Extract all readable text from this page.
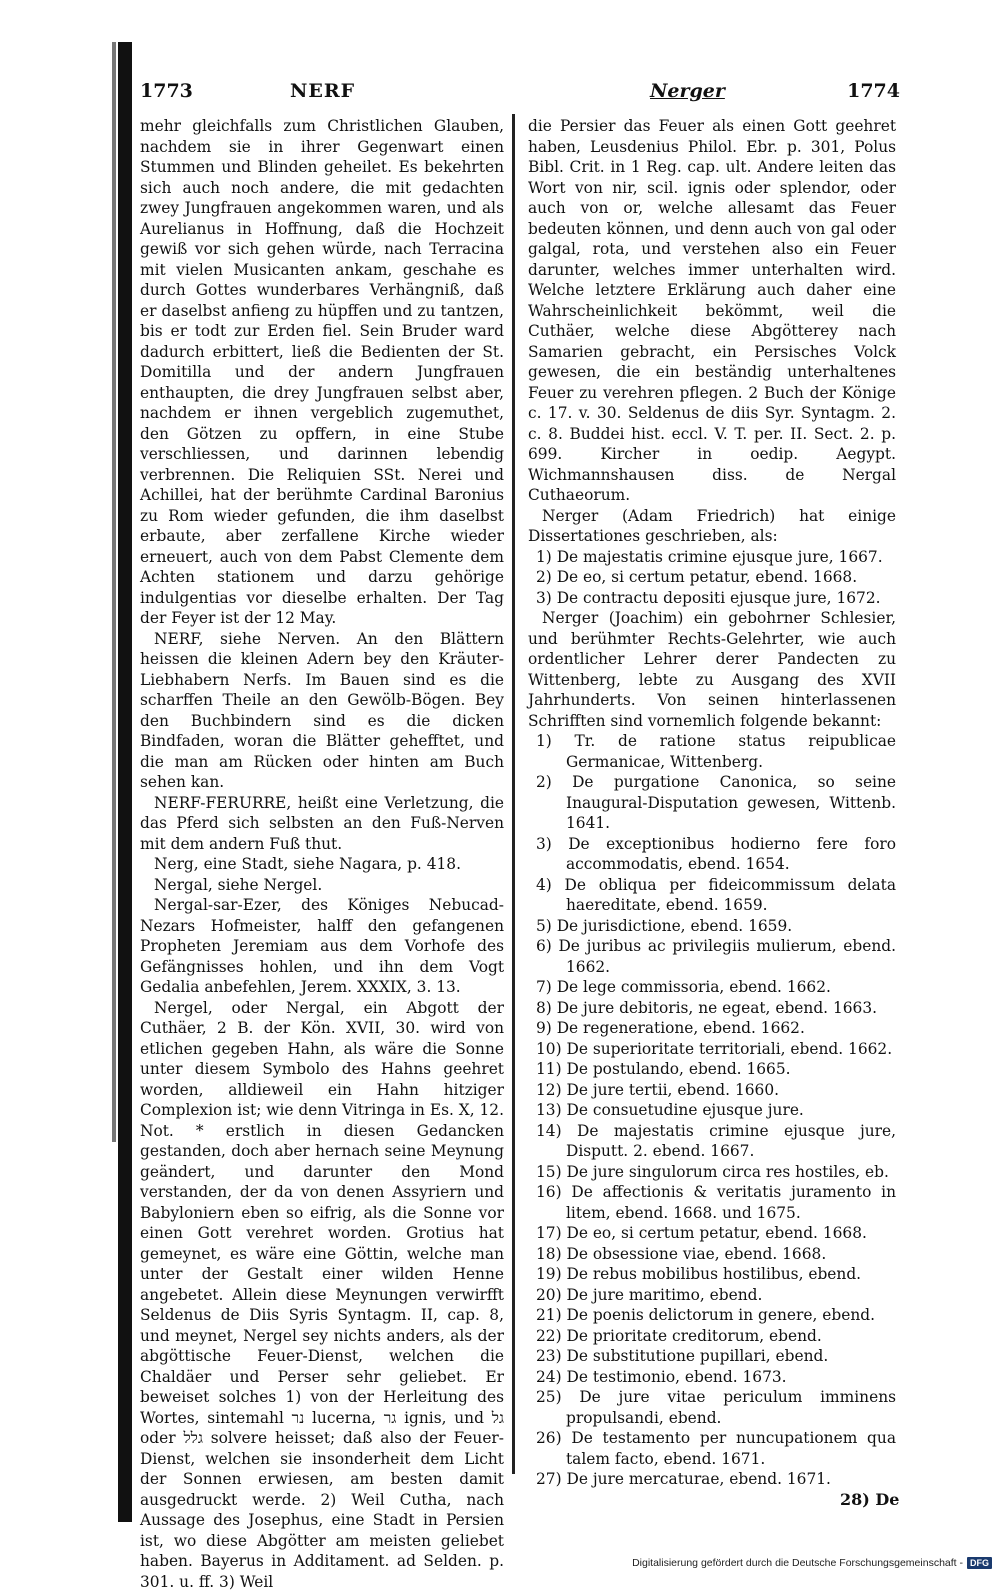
1773	NERF	Nerger	1774

mehr gleichfalls zum Christlichen Glauben, nachdem sie in ihrer Gegenwart einen Stummen und Blinden geheilet. Es bekehrten sich auch noch andere, die mit gedachten zwey Jungfrauen angekommen waren, und als Aurelianus in Hoffnung, daß die Hochzeit gewiß vor sich gehen würde, nach Terracina mit vielen Musicanten ankam, geschahe es durch Gottes wunderbares Verhängniß, daß er daselbst anfieng zu hüpffen und zu tantzen, bis er todt zur Erden fiel. Sein Bruder ward dadurch erbittert, ließ die Bedienten der St. Domitilla und der andern Jungfrauen enthaupten, die drey Jungfrauen selbst aber, nachdem er ihnen vergeblich zugemuthet, den Götzen zu opffern, in eine Stube verschliessen, und darinnen lebendig verbrennen. Die Reliquien SSt. Nerei und Achillei, hat der berühmte Cardinal Baronius zu Rom wieder gefunden, die ihm daselbst erbaute, aber zerfallene Kirche wieder erneuert, auch von dem Pabst Clemente dem Achten stationem und darzu gehörige indulgentias vor dieselbe erhalten. Der Tag der Feyer ist der 12 May.

NERF, siehe Nerven. An den Blättern heissen die kleinen Adern bey den Kräuter-Liebhabern Nerfs. Im Bauen sind es die scharffen Theile an den Gewölb-Bögen. Bey den Buchbindern sind es die dicken Bindfaden, woran die Blätter gehefftet, und die man am Rücken oder hinten am Buch sehen kan.

NERF-FERURRE, heißt eine Verletzung, die das Pferd sich selbsten an den Fuß-Nerven mit dem andern Fuß thut.

Nerg, eine Stadt, siehe Nagara, p. 418.

Nergal, siehe Nergel.

Nergal-sar-Ezer, des Königes Nebucad-Nezars Hofmeister, halff den gefangenen Propheten Jeremiam aus dem Vorhofe des Gefängnisses hohlen, und ihn dem Vogt Gedalia anbefehlen, Jerem. XXXIX, 3. 13.

Nergel, oder Nergal, ein Abgott der Cuthäer, 2 B. der Kön. XVII, 30. wird von etlichen gegeben Hahn, als wäre die Sonne unter diesem Symbolo des Hahns geehret worden, alldieweil ein Hahn hitziger Complexion ist; wie denn Vitringa in Es. X, 12. Not. * erstlich in diesen Gedancken gestanden, doch aber hernach seine Meynung geändert, und darunter den Mond verstanden, der da von denen Assyriern und Babyloniern eben so eifrig, als die Sonne vor einen Gott verehret worden. Grotius hat gemeynet, es wäre eine Göttin, welche man unter der Gestalt einer wilden Henne angebetet. Allein diese Meynungen verwirfft Seldenus de Diis Syris Syntagm. II, cap. 8, und meynet, Nergel sey nichts anders, als der abgöttische Feuer-Dienst, welchen die Chaldäer und Perser sehr geliebet. Er beweiset solches 1) von der Herleitung des Wortes, sintemahl נר lucerna, גר ignis, und גל oder גלל solvere heisset; daß also der Feuer-Dienst, welchen sie insonderheit dem Licht der Sonnen erwiesen, am besten damit ausgedruckt werde. 2) Weil Cutha, nach Aussage des Josephus, eine Stadt in Persien ist, wo diese Abgötter am meisten geliebet haben. Bayerus in Additament. ad Selden. p. 301. u. ff. 3) Weil

die Persier das Feuer als einen Gott geehret haben, Leusdenius Philol. Ebr. p. 301, Polus Bibl. Crit. in 1 Reg. cap. ult. Andere leiten das Wort von nir, scil. ignis oder splendor, oder auch von or, welche allesamt das Feuer bedeuten können, und denn auch von gal oder galgal, rota, und verstehen also ein Feuer darunter, welches immer unterhalten wird. Welche letztere Erklärung auch daher eine Wahrscheinlichkeit bekömmt, weil die Cuthäer, welche diese Abgötterey nach Samarien gebracht, ein Persisches Volck gewesen, die ein beständig unterhaltenes Feuer zu verehren pflegen. 2 Buch der Könige c. 17. v. 30. Seldenus de diis Syr. Syntagm. 2. c. 8. Buddei hist. eccl. V. T. per. II. Sect. 2. p. 699. Kircher in oedip. Aegypt. Wichmannshausen diss. de Nergal Cuthaeorum.

Nerger (Adam Friedrich) hat einige Dissertationes geschrieben, als:

1) De majestatis crimine ejusque jure, 1667.
2) De eo, si certum petatur, ebend. 1668.
3) De contractu depositi ejusque jure, 1672.

Nerger (Joachim) ein gebohrner Schlesier, und berühmter Rechts-Gelehrter, wie auch ordentlicher Lehrer derer Pandecten zu Wittenberg, lebte zu Ausgang des XVII Jahrhunderts. Von seinen hinterlassenen Schrifften sind vornemlich folgende bekannt:

1) Tr. de ratione status reipublicae Germanicae, Wittenberg.
2) De purgatione Canonica, so seine Inaugural-Disputation gewesen, Wittenb. 1641.
3) De exceptionibus hodierno fere foro accommodatis, ebend. 1654.
4) De obliqua per fideicommissum delata haereditate, ebend. 1659.
5) De jurisdictione, ebend. 1659.
6) De juribus ac privilegiis mulierum, ebend. 1662.
7) De lege commissoria, ebend. 1662.
8) De jure debitoris, ne egeat, ebend. 1663.
9) De regeneratione, ebend. 1662.
10) De superioritate territoriali, ebend. 1662.
11) De postulando, ebend. 1665.
12) De jure tertii, ebend. 1660.
13) De consuetudine ejusque jure.
14) De majestatis crimine ejusque jure, Disputt. 2. ebend. 1667.
15) De jure singulorum circa res hostiles, eb.
16) De affectionis & veritatis juramento in litem, ebend. 1668. und 1675.
17) De eo, si certum petatur, ebend. 1668.
18) De obsessione viae, ebend. 1668.
19) De rebus mobilibus hostilibus, ebend.
20) De jure maritimo, ebend.
21) De poenis delictorum in genere, ebend.
22) De prioritate creditorum, ebend.
23) De substitutione pupillari, ebend.
24) De testimonio, ebend. 1673.
25) De jure vitae periculum imminens propulsandi, ebend.
26) De testamento per nuncupationem qua talem facto, ebend. 1671.
27) De jure mercaturae, ebend. 1671.
28) De
Digitalisierung gefördert durch die Deutsche Forschungsgemeinschaft - DFG
